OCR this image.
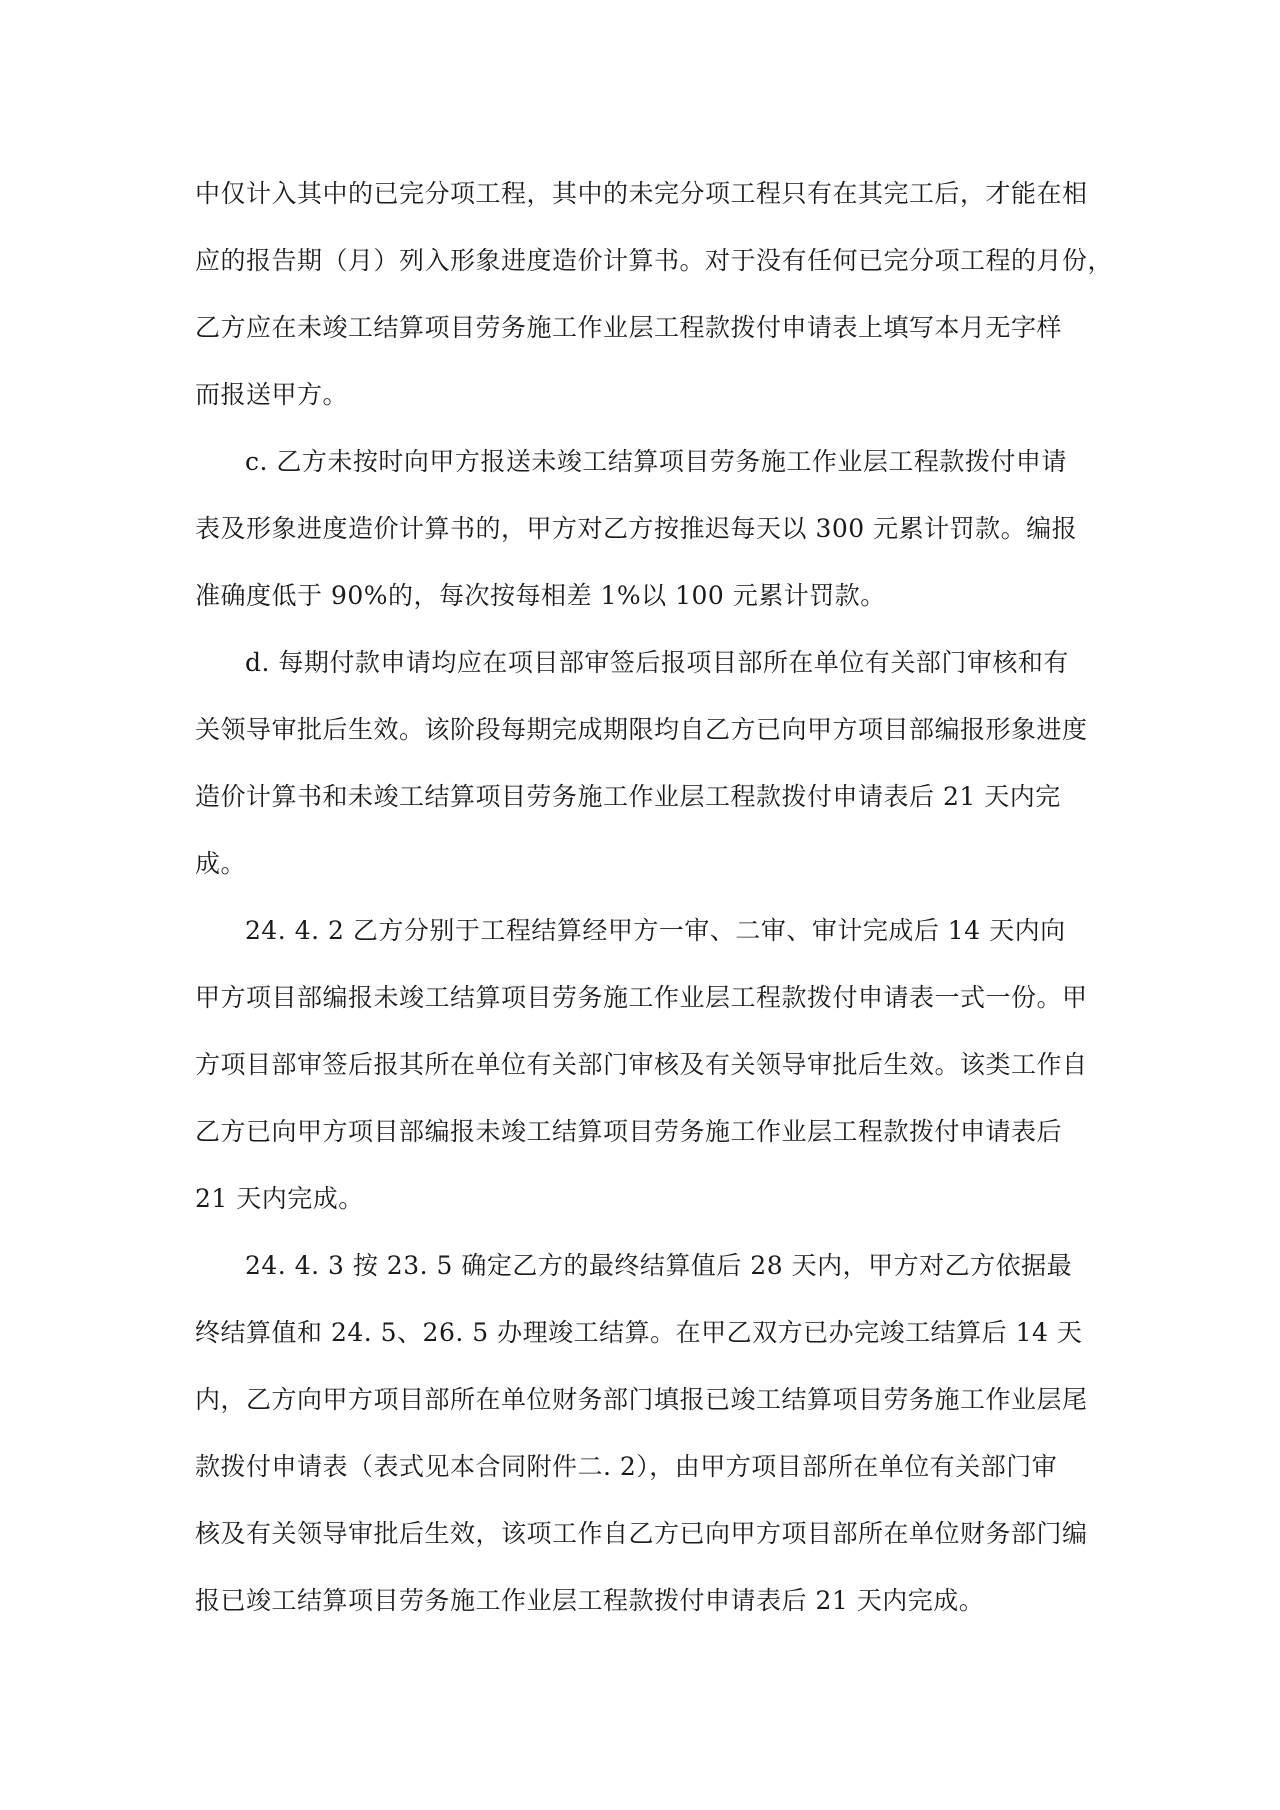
中仅计入其中的已完分项工程，其中的未完分项工程只有在其完工后，才能在相
应的报告期（月）列入形象进度造价计算书。对于没有任何已完分项工程的月份，
乙方应在未竣工结算项目劳务施工作业层工程款拨付申请表上填写本月无字样
而报送甲方。

c. 乙方未按时向甲方报送未竣工结算项目劳务施工作业层工程款拨付申请
表及形象进度造价计算书的，甲方对乙方按推迟每天以 300 元累计罚款。编报
准确度低于 90%的，每次按每相差 1%以 100 元累计罚款。

d. 每期付款申请均应在项目部审签后报项目部所在单位有关部门审核和有
关领导审批后生效。该阶段每期完成期限均自乙方已向甲方项目部编报形象进度
造价计算书和未竣工结算项目劳务施工作业层工程款拨付申请表后 21 天内完
成。

24. 4. 2 乙方分别于工程结算经甲方一审、二审、审计完成后 14 天内向
甲方项目部编报未竣工结算项目劳务施工作业层工程款拨付申请表一式一份。甲
方项目部审签后报其所在单位有关部门审核及有关领导审批后生效。该类工作自
乙方已向甲方项目部编报未竣工结算项目劳务施工作业层工程款拨付申请表后
21 天内完成。

24. 4. 3 按 23. 5 确定乙方的最终结算值后 28 天内，甲方对乙方依据最
终结算值和 24. 5、26. 5 办理竣工结算。在甲乙双方已办完竣工结算后 14 天
内，乙方向甲方项目部所在单位财务部门填报已竣工结算项目劳务施工作业层尾
款拨付申请表（表式见本合同附件二. 2），由甲方项目部所在单位有关部门审
核及有关领导审批后生效，该项工作自乙方已向甲方项目部所在单位财务部门编
报已竣工结算项目劳务施工作业层工程款拨付申请表后 21 天内完成。
